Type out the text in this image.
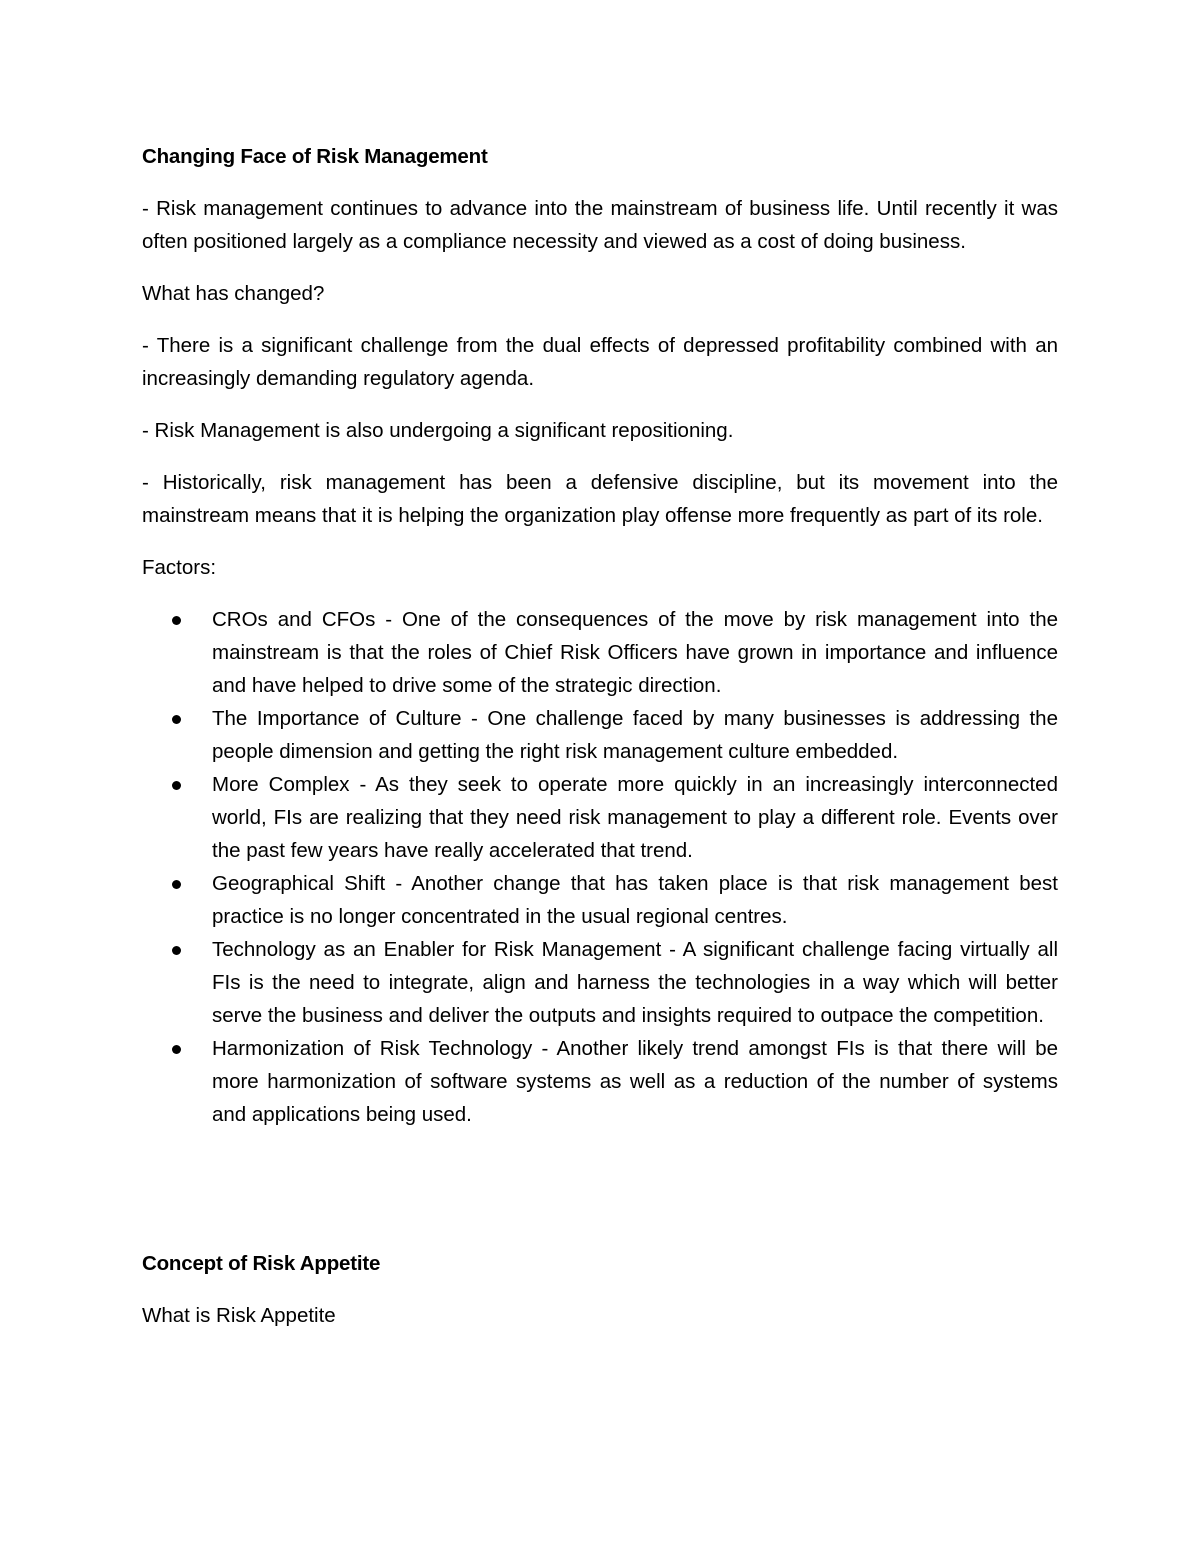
Changing Face of Risk Management
- Risk management continues to advance into the mainstream of business life. Until recently it was often positioned largely as a compliance necessity and viewed as a cost of doing business.
What has changed?
- There is a significant challenge from the dual effects of depressed profitability combined with an increasingly demanding regulatory agenda.
- Risk Management is also undergoing a significant repositioning.
- Historically, risk management has been a defensive discipline, but its movement into the mainstream means that it is helping the organization play offense more frequently as part of its role.
Factors:
CROs and CFOs - One of the consequences of the move by risk management into the mainstream is that the roles of Chief Risk Officers have grown in importance and influence and have helped to drive some of the strategic direction.
The Importance of Culture - One challenge faced by many businesses is addressing the people dimension and getting the right risk management culture embedded.
More Complex - As they seek to operate more quickly in an increasingly interconnected world, FIs are realizing that they need risk management to play a different role. Events over the past few years have really accelerated that trend.
Geographical Shift - Another change that has taken place is that risk management best practice is no longer concentrated in the usual regional centres.
Technology as an Enabler for Risk Management - A significant challenge facing virtually all FIs is the need to integrate, align and harness the technologies in a way which will better serve the business and deliver the outputs and insights required to outpace the competition.
Harmonization of Risk Technology - Another likely trend amongst FIs is that there will be more harmonization of software systems as well as a reduction of the number of systems and applications being used.
Concept of Risk Appetite
What is Risk Appetite
